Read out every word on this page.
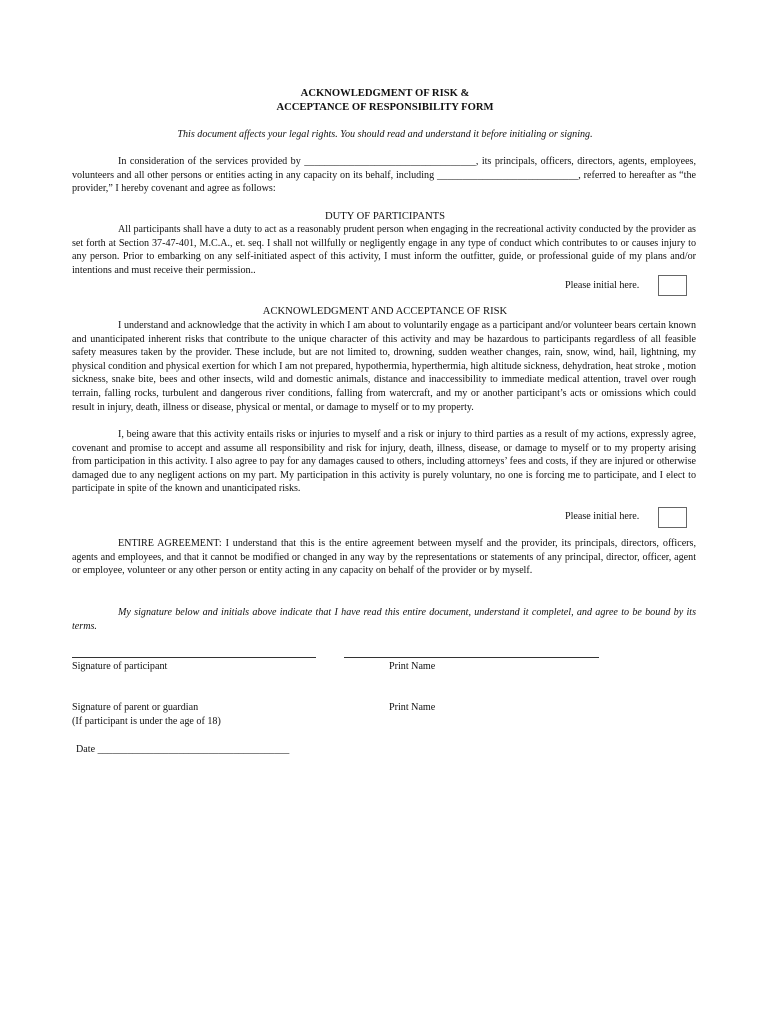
ACKNOWLEDGMENT OF RISK &
ACCEPTANCE OF RESPONSIBILITY FORM
This document affects your legal rights. You should read and understand it before initialing or signing.
In consideration of the services provided by __________________________________, its principals, officers, directors, agents, employees, volunteers and all other persons or entities acting in any capacity on its behalf, including ____________________________, referred to hereafter as “the provider,” I hereby covenant and agree as follows:
DUTY OF PARTICIPANTS
All participants shall have a duty to act as a reasonably prudent person when engaging in the recreational activity conducted by the provider as set forth at Section 37-47-401, M.C.A., et. seq. I shall not willfully or negligently engage in any type of conduct which contributes to or causes injury to any person. Prior to embarking on any self-initiated aspect of this activity, I must inform the outfitter, guide, or professional guide of my plans and/or intentions and must receive their permission..
Please initial here.
ACKNOWLEDGMENT AND ACCEPTANCE OF RISK
I understand and acknowledge that the activity in which I am about to voluntarily engage as a participant and/or volunteer bears certain known and unanticipated inherent risks that contribute to the unique character of this activity and may be hazardous to participants regardless of all feasible safety measures taken by the provider. These include, but are not limited to, drowning, sudden weather changes, rain, snow, wind, hail, lightning, my physical condition and physical exertion for which I am not prepared, hypothermia, hyperthermia, high altitude sickness, dehydration, heat stroke , motion sickness, snake bite, bees and other insects, wild and domestic animals, distance and inaccessibility to immediate medical attention, travel over rough terrain, falling rocks, turbulent and dangerous river conditions, falling from watercraft, and my or another participant’s acts or omissions which could result in injury, death, illness or disease, physical or mental, or damage to myself or to my property.
I, being aware that this activity entails risks or injuries to myself and a risk or injury to third parties as a result of my actions, expressly agree, covenant and promise to accept and assume all responsibility and risk for injury, death, illness, disease, or damage to myself or to my property arising from participation in this activity. I also agree to pay for any damages caused to others, including attorneys’ fees and costs, if they are injured or otherwise damaged due to any negligent actions on my part. My participation in this activity is purely voluntary, no one is forcing me to participate, and I elect to participate in spite of the known and unanticipated risks.
Please initial here.
ENTIRE AGREEMENT: I understand that this is the entire agreement between myself and the provider, its principals, directors, officers, agents and employees, and that it cannot be modified or changed in any way by the representations or statements of any principal, director, officer, agent or employee, volunteer or any other person or entity acting in any capacity on behalf of the provider or by myself.
My signature below and initials above indicate that I have read this entire document, understand it completel, and agree to be bound by its terms.
Signature of participant	Print Name
Signature of parent or guardian
(If participant is under the age of 18)
Print Name
Date ______________________________________
